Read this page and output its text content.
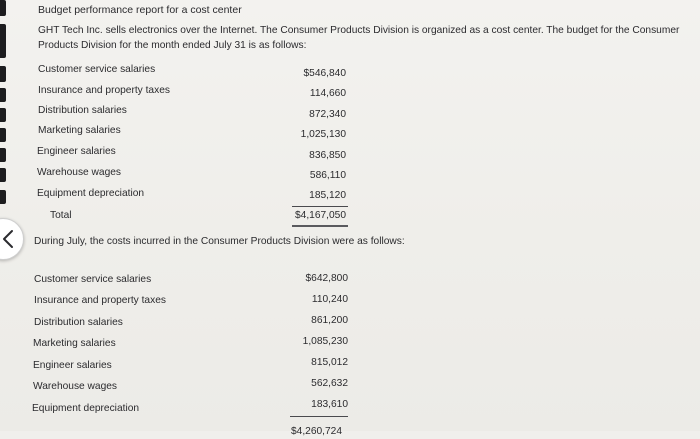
Budget performance report for a cost center
GHT Tech Inc. sells electronics over the Internet. The Consumer Products Division is organized as a cost center. The budget for the Consumer Products Division for the month ended July 31 is as follows:
Customer service salaries	$546,840
Insurance and property taxes	114,660
Distribution salaries	872,340
Marketing salaries	1,025,130
Engineer salaries	836,850
Warehouse wages	586,110
Equipment depreciation	185,120
Total	$4,167,050
During July, the costs incurred in the Consumer Products Division were as follows:
Customer service salaries	$642,800
Insurance and property taxes	110,240
Distribution salaries	861,200
Marketing salaries	1,085,230
Engineer salaries	815,012
Warehouse wages	562,632
Equipment depreciation	183,610
$4,260,724
